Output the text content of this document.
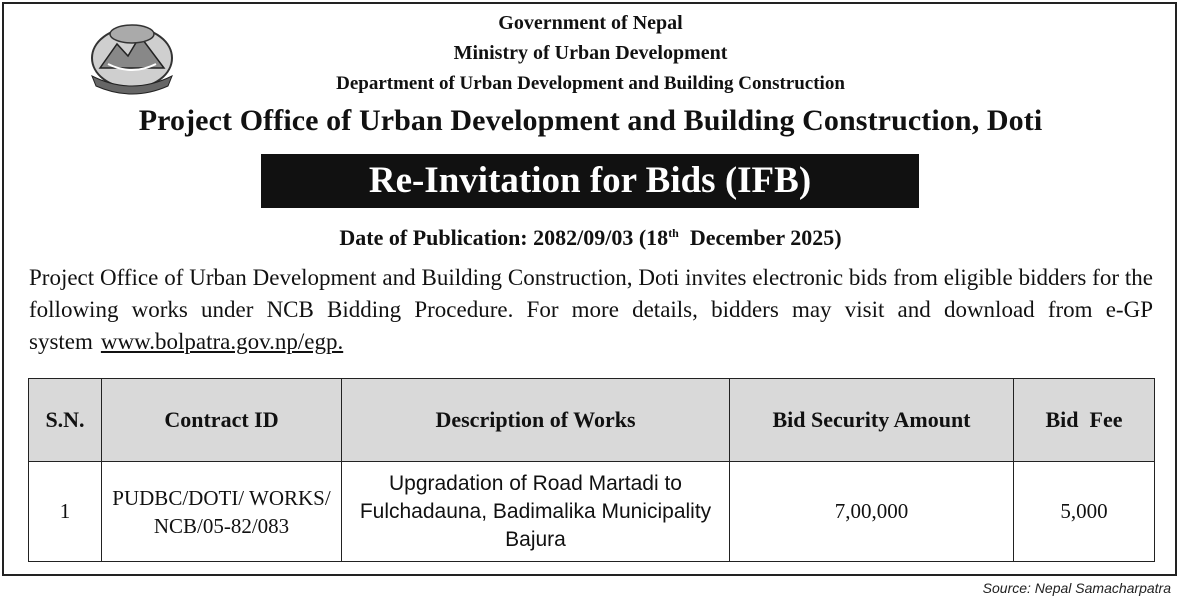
Government of Nepal
Ministry of Urban Development
Department of Urban Development and Building Construction
Project Office of Urban Development and Building Construction, Doti
Re-Invitation for Bids (IFB)
Date of Publication: 2082/09/03 (18th  December 2025)
Project Office of Urban Development and Building Construction, Doti invites electronic bids from eligible bidders for the following works under NCB Bidding Procedure. For more details, bidders may visit and download from e-GP system www.bolpatra.gov.np/egp.
S.N.	Contract ID	Description of Works	Bid Security Amount	Bid  Fee
1	PUDBC/DOTI/ WORKS/ NCB/05-82/083	Upgradation of Road Martadi to Fulchadauna, Badimalika Municipality Bajura	7,00,000	5,000
Source: Nepal Samacharpatra
